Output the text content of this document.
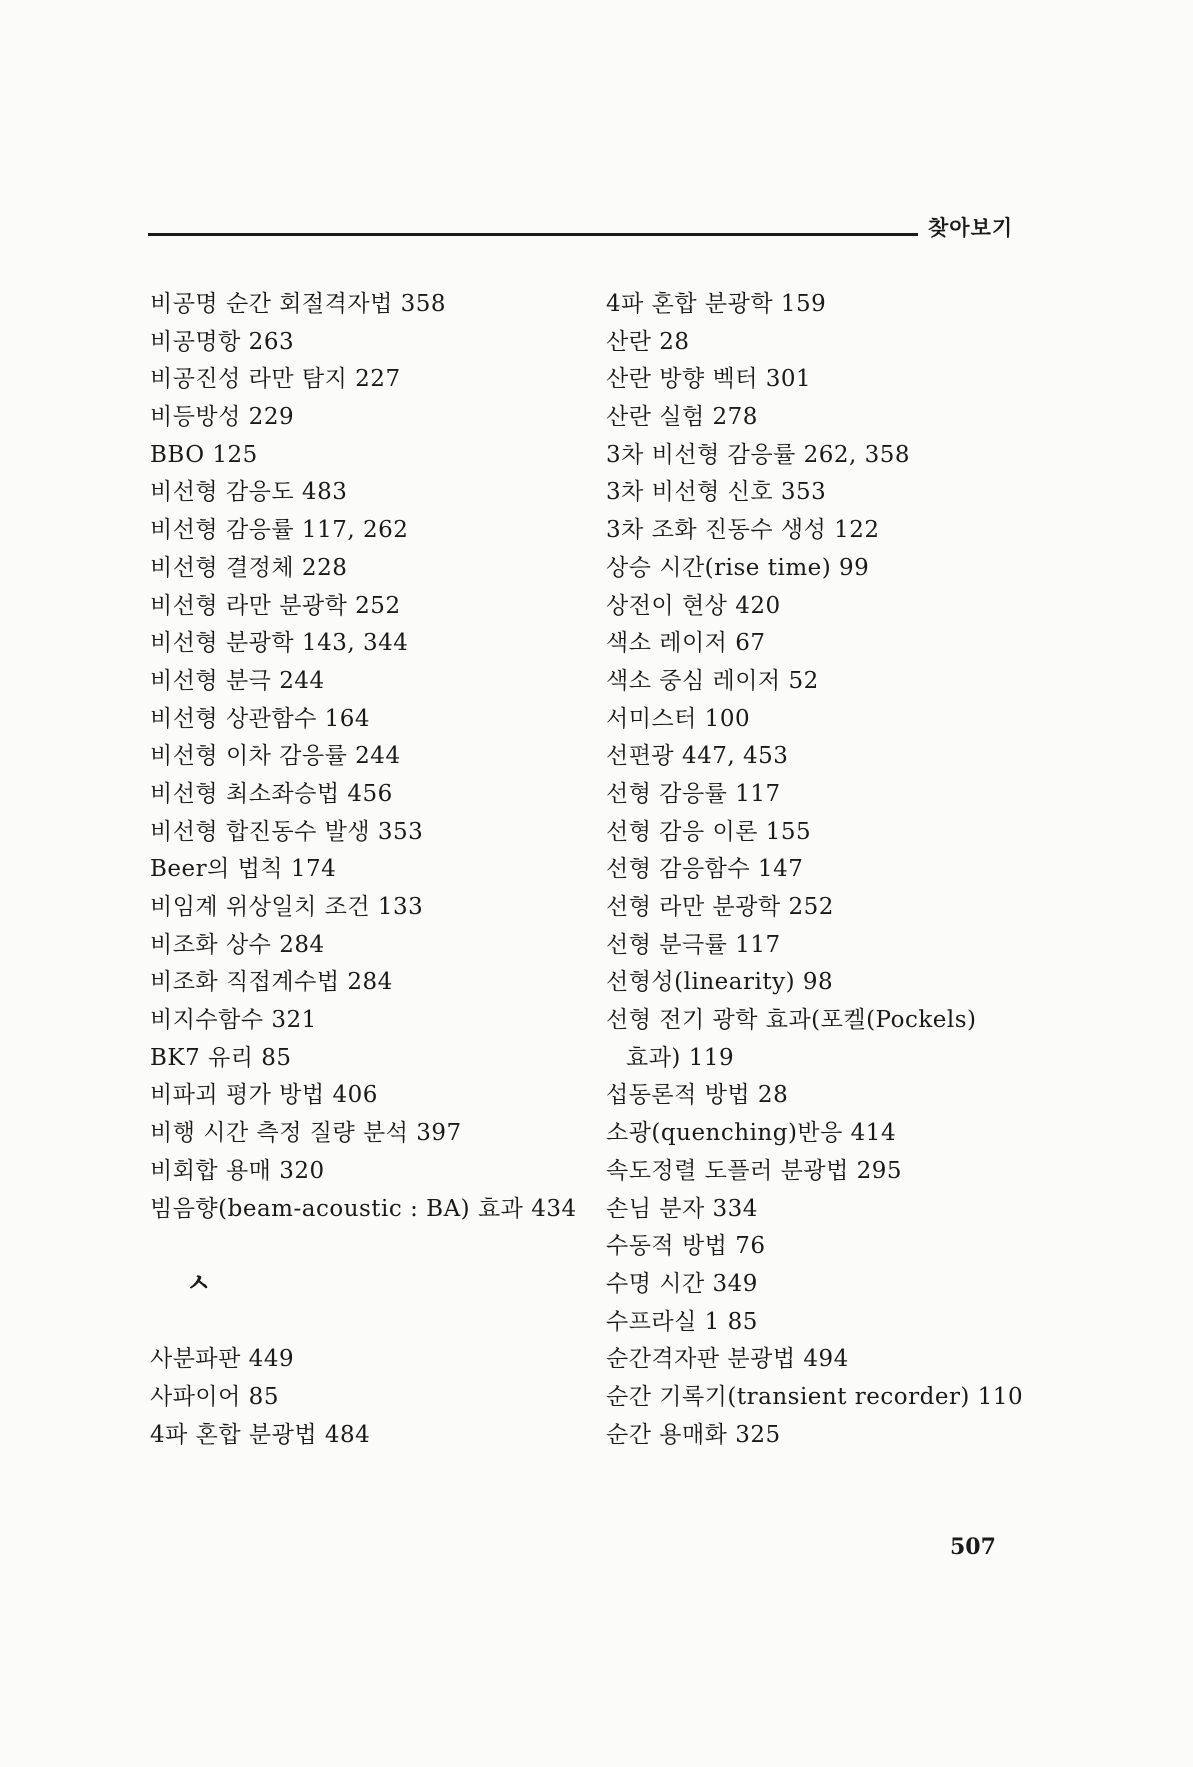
찾아보기
비공명 순간 회절격자법 358
비공명항 263
비공진성 라만 탐지 227
비등방성 229
BBO 125
비선형 감응도 483
비선형 감응률 117, 262
비선형 결정체 228
비선형 라만 분광학 252
비선형 분광학 143, 344
비선형 분극 244
비선형 상관함수 164
비선형 이차 감응률 244
비선형 최소좌승법 456
비선형 합진동수 발생 353
Beer의 법칙 174
비임계 위상일치 조건 133
비조화 상수 284
비조화 직접계수법 284
비지수함수 321
BK7 유리 85
비파괴 평가 방법 406
비행 시간 측정 질량 분석 397
비회합 용매 320
빔음향(beam-acoustic : BA) 효과 434
ㅅ
사분파판 449
사파이어 85
4파 혼합 분광법 484
4파 혼합 분광학 159
산란 28
산란 방향 벡터 301
산란 실험 278
3차 비선형 감응률 262, 358
3차 비선형 신호 353
3차 조화 진동수 생성 122
상승 시간(rise time) 99
상전이 현상 420
색소 레이저 67
색소 중심 레이저 52
서미스터 100
선편광 447, 453
선형 감응률 117
선형 감응 이론 155
선형 감응함수 147
선형 라만 분광학 252
선형 분극률 117
선형성(linearity) 98
선형 전기 광학 효과(포켈(Pockels)
효과) 119
섭동론적 방법 28
소광(quenching)반응 414
속도정렬 도플러 분광법 295
손님 분자 334
수동적 방법 76
수명 시간 349
수프라실 1 85
순간격자판 분광법 494
순간 기록기(transient recorder) 110
순간 용매화 325
507
